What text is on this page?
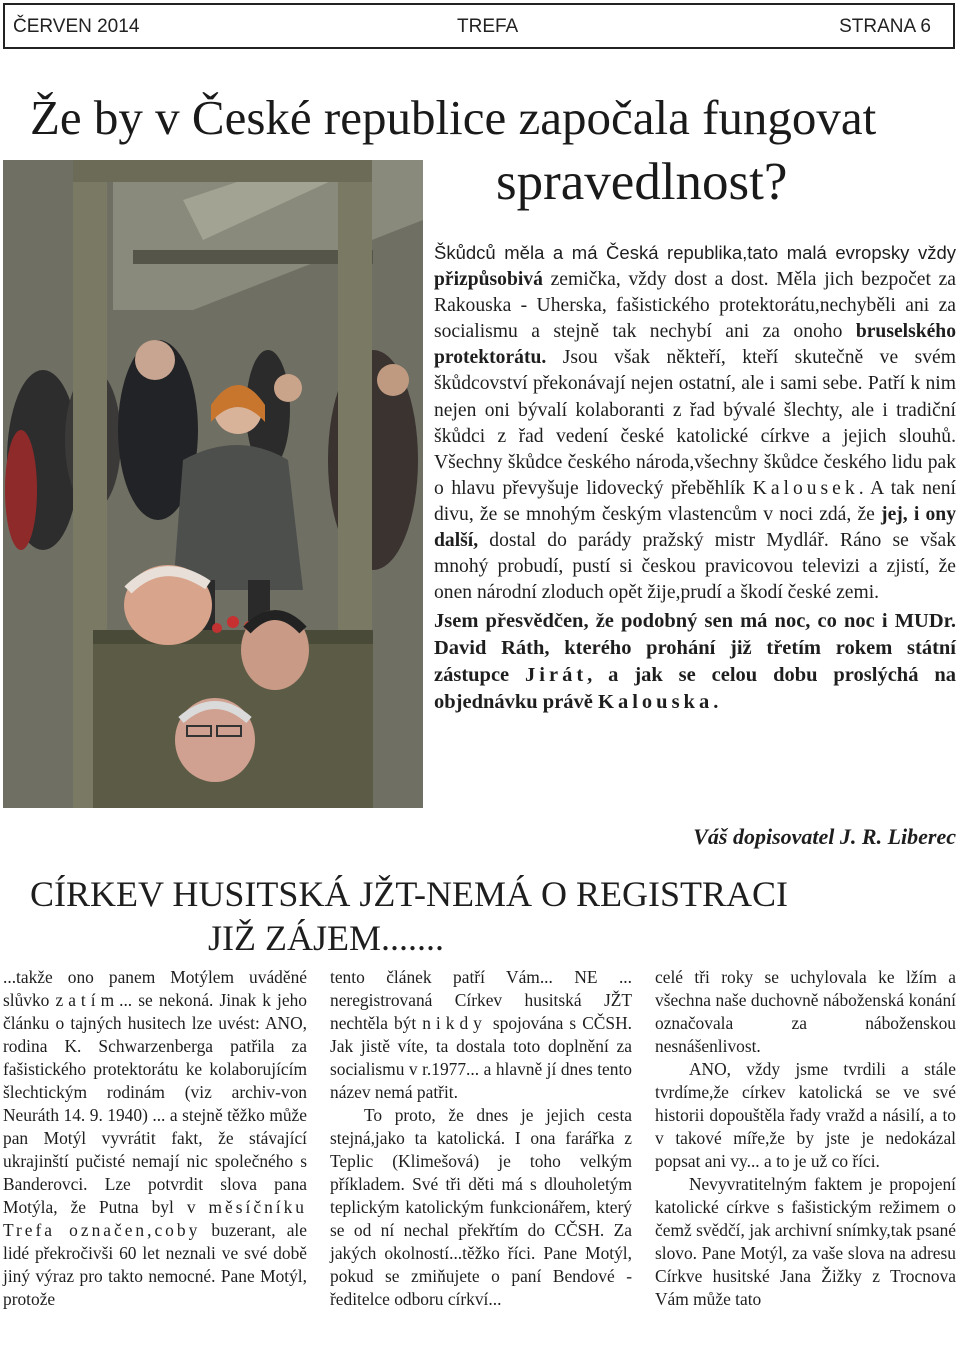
ČERVEN 2014	TREFA	STRANA 6
Že by v České republice započala fungovat
spravedlnost?

Škůdců měla a má Česká republika,tato malá evropsky vždy přizpůsobivá zemička, vždy dost a dost. Měla jich bezpočet za Rakouska - Uherska, fašistického protektorátu,nechyběli ani za socialismu a stejně tak nechybí ani za onoho bruselského protektorátu. Jsou však někteří, kteří skutečně ve svém škůdcovství překonávají nejen ostatní, ale i sami sebe. Patří k nim nejen oni bývalí kolaboranti z řad bývalé šlechty, ale i tradiční škůdci z řad vedení české katolické církve a jejich slouhů. Všechny škůdce českého národa,všechny škůdce českého lidu pak o hlavu převyšuje lidovecký přeběhlík Kalousek. A tak není divu, že se mnohým českým vlastencům v noci zdá, že jej, i ony další, dostal do parády pražský mistr Mydlář. Ráno se však mnohý probudí, pustí si českou pravicovou televizi a zjistí, že onen národní zloduch opět žije,prudí a škodí české zemi.

Jsem přesvědčen, že podobný sen má noc, co noc i MUDr. David Ráth, kterého prohání již třetím rokem státní zástupce Jirát, a jak se celou dobu proslýchá na objednávku právě Kalouska.

Váš dopisovatel J. R. Liberec
CÍRKEV HUSITSKÁ JŽT-NEMÁ O REGISTRACI
JIŽ ZÁJEM.......

...takže ono panem Motýlem uváděné slůvko zatím... se nekoná. Jinak k jeho článku o tajných husitech lze uvést: ANO, rodina K. Schwarzenberga patřila za fašistického protektorátu ke kolaborujícím šlechtickým rodinám (viz archiv-von Neuráth 14. 9. 1940) ... a stejně těžko může pan Motýl vyvrátit fakt, že stávající ukrajinští pučisté nemají nic společného s Banderovci. Lze potvrdit slova pana Motýla, že Putna byl v měsíčníku Trefa označen,coby buzerant, ale lidé překročivši 60 let neznali ve své době jiný výraz pro takto nemocné. Pane Motýl, protože

tento článek patří Vám... NE ... neregistrovaná Církev husitská JŽT nechtěla být nikdy spojována s CČSH. Jak jistě víte, ta dostala toto doplnění za socialismu v r.1977... a hlavně jí dnes tento název nemá patřit.

To proto, že dnes je jejich cesta stejná,jako ta katolická. I ona farářka z Teplic (Klimešová) je toho velkým příkladem. Své tři děti má s dlouholetým teplickým katolickým funkcionářem, který se od ní nechal překřtím do CČSH. Za jakých okolností...těžko říci. Pane Motýl, pokud se zmiňujete o paní Bendové - ředitelce odboru církví...

celé tři roky se uchylovala ke lžím a všechna naše duchovně náboženská konání označovala za náboženskou nesnášenlivost.

ANO, vždy jsme tvrdili a stále tvrdíme,že církev katolická se ve své historii dopouštěla řady vražd a násilí, a to v takové míře,že by jste je nedokázal popsat ani vy... a to je už co říci.

Nevyvratitelným faktem je propojení katolické církve s fašistickým režimem o čemž svědčí, jak archivní snímky,tak psané slovo. Pane Motýl, za vaše slova na adresu Církve husitské Jana Žižky z Trocnova Vám může tato
